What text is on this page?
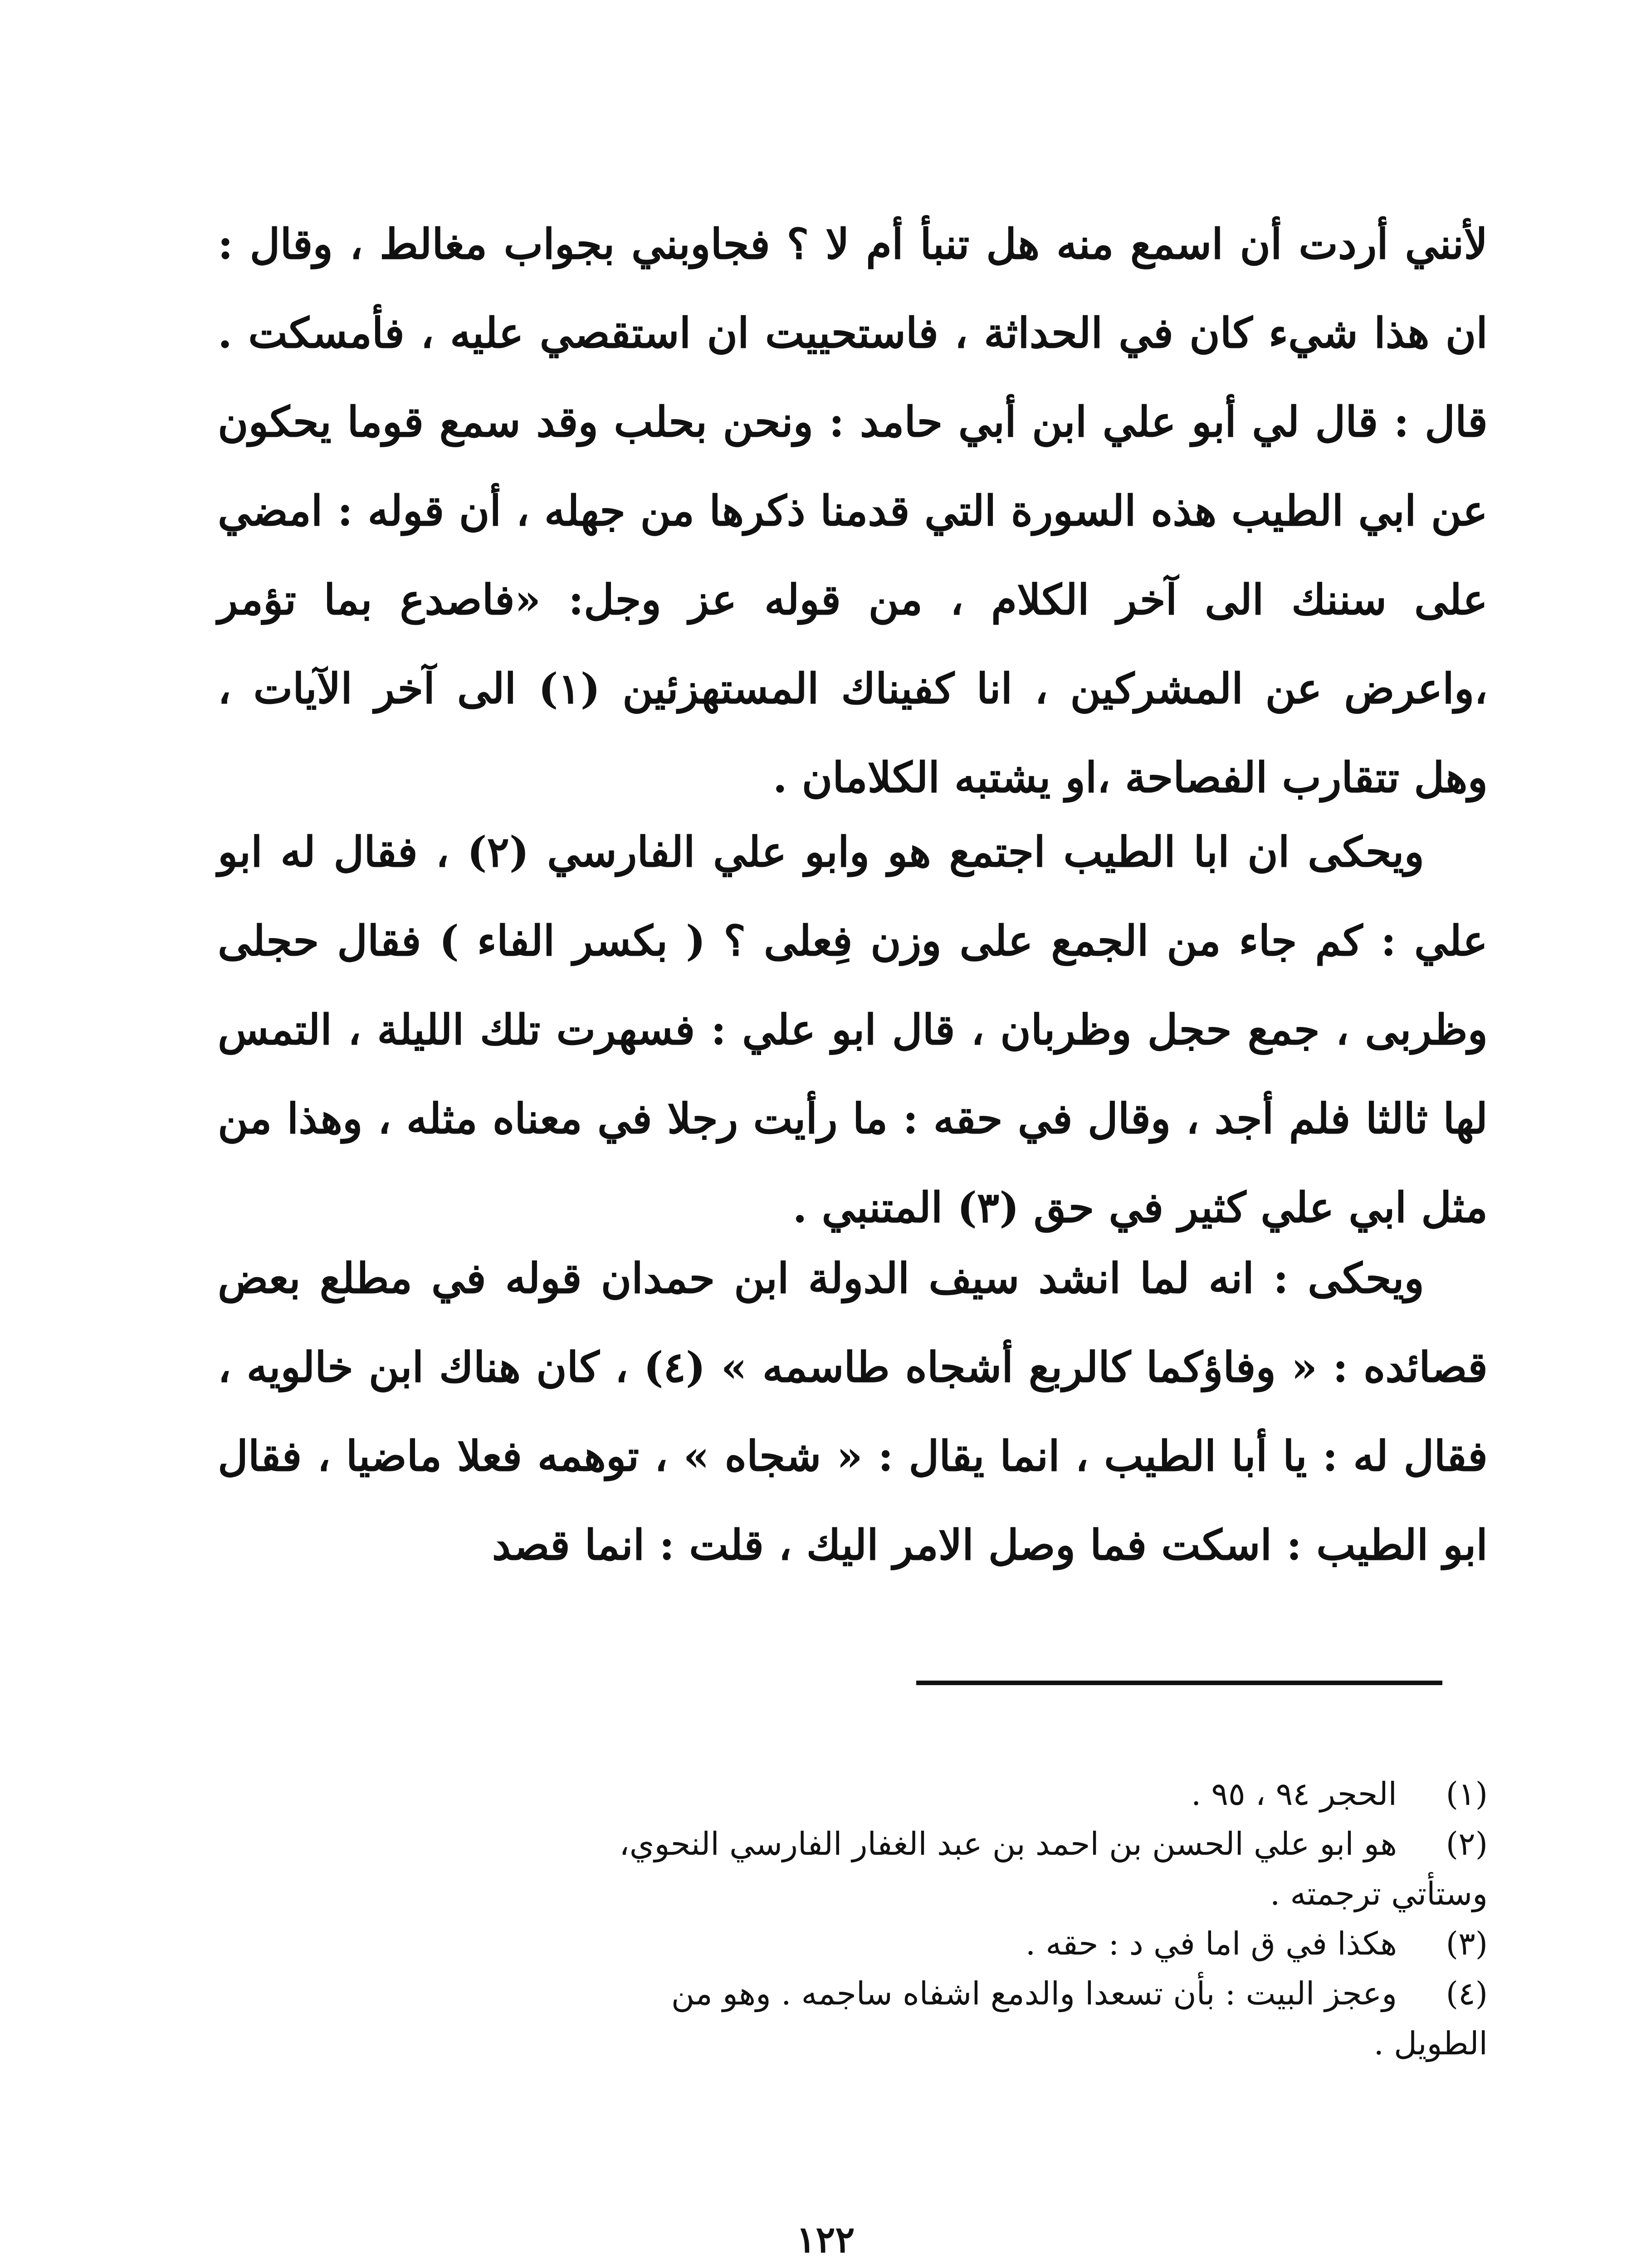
لأنني أردت أن اسمع منه هل تنبأ أم لا ؟ فجاوبني بجواب مغالط ، وقال : ان هذا شيء كان في الحداثة ، فاستحييت ان استقصي عليه ، فأمسكت . قال : قال لي أبو علي ابن أبي حامد : ونحن بحلب وقد سمع قوما يحكون عن ابي الطيب هذه السورة التي قدمنا ذكرها من جهله ، أن قوله : امضي على سننك الى آخر الكلام ، من قوله عز وجل: «فاصدع بما تؤمر ،واعرض عن المشركين ، انا كفيناك المستهزئين (١) الى آخر الآيات ، وهل تتقارب الفصاحة ،او يشتبه الكلامان .

ويحكى ان ابا الطيب اجتمع هو وابو علي الفارسي (٢) ، فقال له ابو علي : كم جاء من الجمع على وزن فِعلى ؟ ( بكسر الفاء ) فقال حجلى وظربى ، جمع حجل وظربان ، قال ابو علي : فسهرت تلك الليلة ، التمس لها ثالثا فلم أجد ، وقال في حقه : ما رأيت رجلا في معناه مثله ، وهذا من مثل ابي علي كثير في حق (٣) المتنبي .

ويحكى : انه لما انشد سيف الدولة ابن حمدان قوله في مطلع بعض قصائده : « وفاؤكما كالربع أشجاه طاسمه » (٤) ، كان هناك ابن خالويه ، فقال له : يا أبا الطيب ، انما يقال : « شجاه » ، توهمه فعلا ماضيا ، فقال ابو الطيب : اسكت فما وصل الامر اليك ، قلت : انما قصد

(١)
الحجر ٩٤ ، ٩٥ .
(٢)
هو ابو علي الحسن بن احمد بن عبد الغفار الفارسي النحوي،

وستأتي ترجمته .

(٣)
هكذا في ق اما في د : حقه .
(٤)
وعجز البيت : بأن تسعدا والدمع اشفاه ساجمه . وهو من

الطويل .

١٢٢
